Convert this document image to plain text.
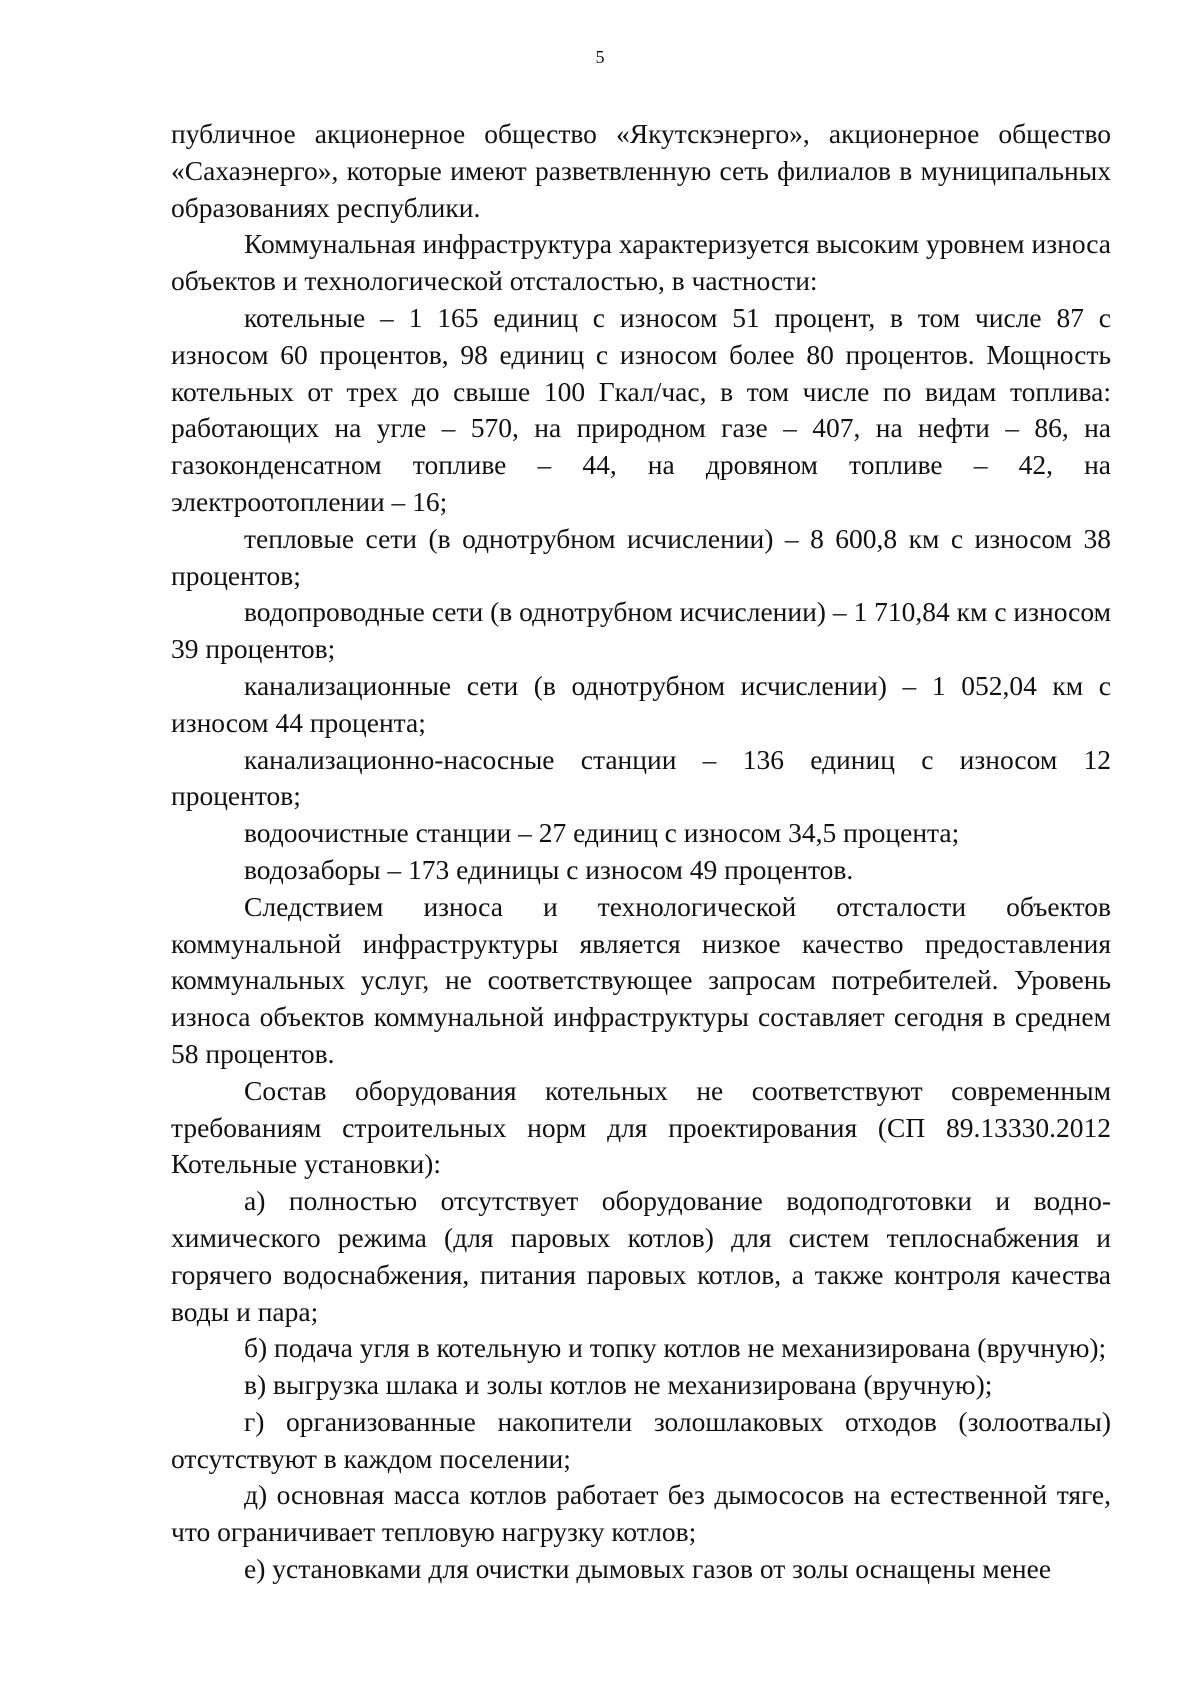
5

публичное акционерное общество «Якутскэнерго», акционерное общество «Сахаэнерго», которые имеют разветвленную сеть филиалов в муниципальных образованиях республики.

Коммунальная инфраструктура характеризуется высоким уровнем износа объектов и технологической отсталостью, в частности:

котельные – 1 165 единиц с износом 51 процент, в том числе 87 с износом 60 процентов, 98 единиц с износом более 80 процентов. Мощность котельных от трех до свыше 100 Гкал/час, в том числе по видам топлива: работающих на угле – 570, на природном газе – 407, на нефти – 86, на газоконденсатном топливе – 44, на дровяном топливе – 42, на электроотоплении – 16;

тепловые сети (в однотрубном исчислении) – 8 600,8 км с износом 38 процентов;

водопроводные сети (в однотрубном исчислении) – 1 710,84 км с износом 39 процентов;

канализационные сети (в однотрубном исчислении) – 1 052,04 км с износом 44 процента;

канализационно-насосные станции – 136 единиц с износом 12 процентов;

водоочистные станции – 27 единиц с износом 34,5 процента;

водозаборы – 173 единицы с износом 49 процентов.

Следствием износа и технологической отсталости объектов коммунальной инфраструктуры является низкое качество предоставления коммунальных услуг, не соответствующее запросам потребителей. Уровень износа объектов коммунальной инфраструктуры составляет сегодня в среднем 58 процентов.

Состав оборудования котельных не соответствуют современным требованиям строительных норм для проектирования (СП 89.13330.2012 Котельные установки):

а) полностью отсутствует оборудование водоподготовки и водно-химического режима (для паровых котлов) для систем теплоснабжения и горячего водоснабжения, питания паровых котлов, а также контроля качества воды и пара;

б) подача угля в котельную и топку котлов не механизирована (вручную);

в) выгрузка шлака и золы котлов не механизирована (вручную);

г) организованные накопители золошлаковых отходов (золоотвалы) отсутствуют в каждом поселении;

д) основная масса котлов работает без дымососов на естественной тяге, что ограничивает тепловую нагрузку котлов;

е) установками для очистки дымовых газов от золы оснащены менее
